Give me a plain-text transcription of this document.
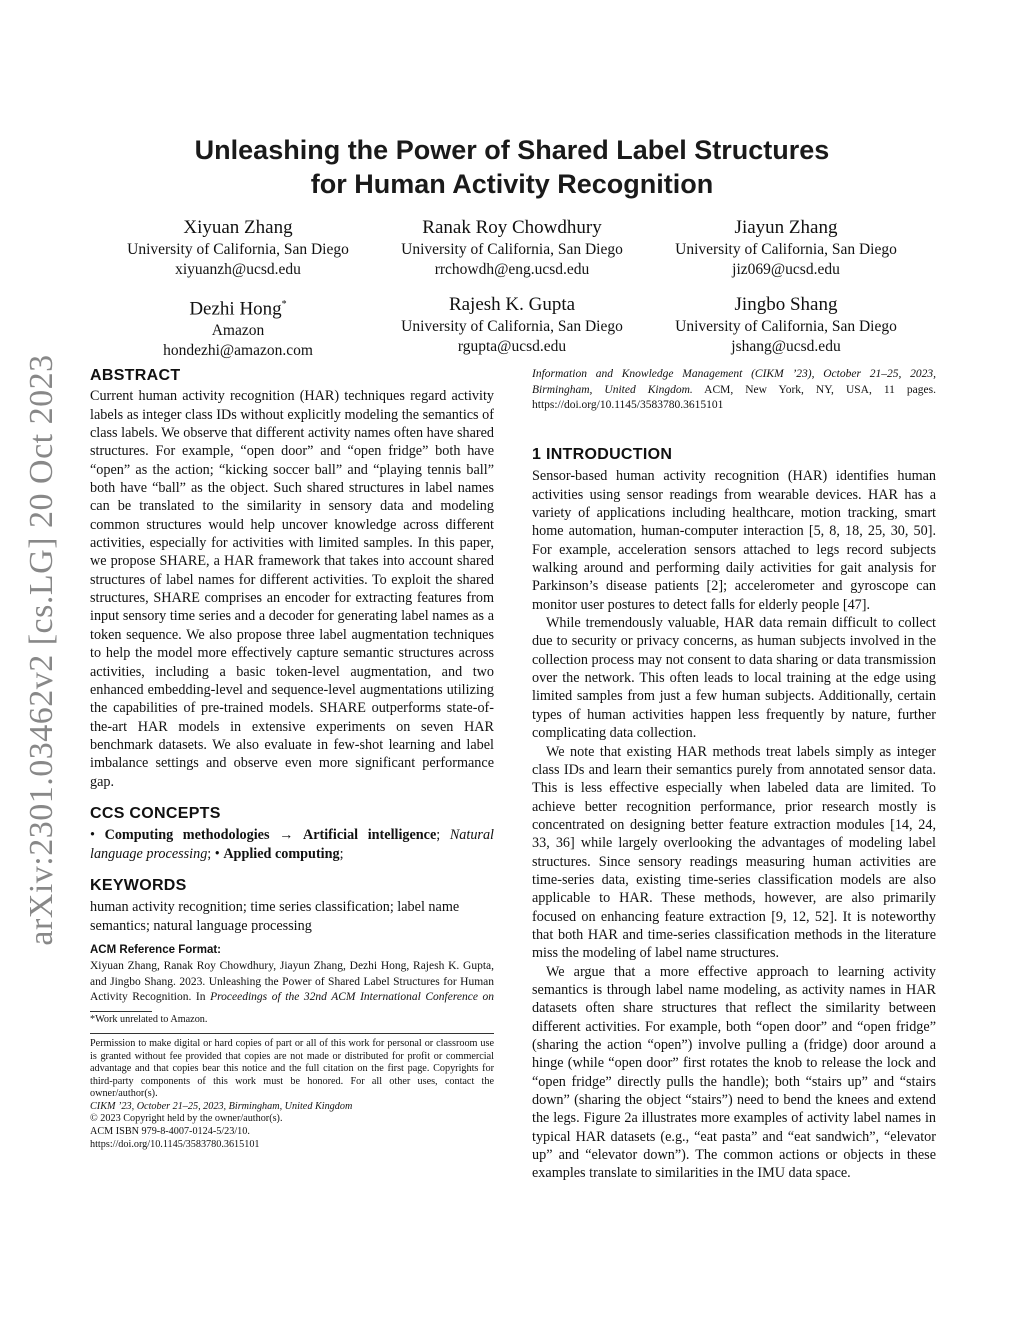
arXiv:2301.03462v2 [cs.LG] 20 Oct 2023
Unleashing the Power of Shared Label Structures
for Human Activity Recognition
Xiyuan Zhang
University of California, San Diego
xiyuanzh@ucsd.edu
Ranak Roy Chowdhury
University of California, San Diego
rrchowdh@eng.ucsd.edu
Jiayun Zhang
University of California, San Diego
jiz069@ucsd.edu
Dezhi Hong*
Amazon
hondezhi@amazon.com
Rajesh K. Gupta
University of California, San Diego
rgupta@ucsd.edu
Jingbo Shang
University of California, San Diego
jshang@ucsd.edu
ABSTRACT

Current human activity recognition (HAR) techniques regard activity labels as integer class IDs without explicitly modeling the semantics of class labels. We observe that different activity names often have shared structures. For example, “open door” and “open fridge” both have “open” as the action; “kicking soccer ball” and “playing tennis ball” both have “ball” as the object. Such shared structures in label names can be translated to the similarity in sensory data and modeling common structures would help uncover knowledge across different activities, especially for activities with limited samples. In this paper, we propose SHARE, a HAR framework that takes into account shared structures of label names for different activities. To exploit the shared structures, SHARE comprises an encoder for extracting features from input sensory time series and a decoder for generating label names as a token sequence. We also propose three label augmentation techniques to help the model more effectively capture semantic structures across activities, including a basic token-level augmentation, and two enhanced embedding-level and sequence-level augmentations utilizing the capabilities of pre-trained models. SHARE outperforms state-of-the-art HAR models in extensive experiments on seven HAR benchmark datasets. We also evaluate in few-shot learning and label imbalance settings and observe even more significant performance gap.

CCS CONCEPTS

• Computing methodologies → Artificial intelligence; Natural language processing; • Applied computing;

KEYWORDS

human activity recognition; time series classification; label name semantics; natural language processing

ACM Reference Format:

Xiyuan Zhang, Ranak Roy Chowdhury, Jiayun Zhang, Dezhi Hong, Rajesh K. Gupta, and Jingbo Shang. 2023. Unleashing the Power of Shared Label Structures for Human Activity Recognition. In Proceedings of the 32nd ACM International Conference on

*Work unrelated to Amazon.

Permission to make digital or hard copies of part or all of this work for personal or classroom use is granted without fee provided that copies are not made or distributed for profit or commercial advantage and that copies bear this notice and the full citation on the first page. Copyrights for third-party components of this work must be honored. For all other uses, contact the owner/author(s).

CIKM ’23, October 21–25, 2023, Birmingham, United Kingdom

© 2023 Copyright held by the owner/author(s).

ACM ISBN 979-8-4007-0124-5/23/10.

https://doi.org/10.1145/3583780.3615101

Information and Knowledge Management (CIKM ’23), October 21–25, 2023, Birmingham, United Kingdom. ACM, New York, NY, USA, 11 pages. https://doi.org/10.1145/3583780.3615101

1 INTRODUCTION

Sensor-based human activity recognition (HAR) identifies human activities using sensor readings from wearable devices. HAR has a variety of applications including healthcare, motion tracking, smart home automation, human-computer interaction [5, 8, 18, 25, 30, 50]. For example, acceleration sensors attached to legs record subjects walking around and performing daily activities for gait analysis for Parkinson’s disease patients [2]; accelerometer and gyroscope can monitor user postures to detect falls for elderly people [47].

While tremendously valuable, HAR data remain difficult to collect due to security or privacy concerns, as human subjects involved in the collection process may not consent to data sharing or data transmission over the network. This often leads to local training at the edge using limited samples from just a few human subjects. Additionally, certain types of human activities happen less frequently by nature, further complicating data collection.

We note that existing HAR methods treat labels simply as integer class IDs and learn their semantics purely from annotated sensor data. This is less effective especially when labeled data are limited. To achieve better recognition performance, prior research mostly is concentrated on designing better feature extraction modules [14, 24, 33, 36] while largely overlooking the advantages of modeling label structures. Since sensory readings measuring human activities are time-series data, existing time-series classification models are also applicable to HAR. These methods, however, are also primarily focused on enhancing feature extraction [9, 12, 52]. It is noteworthy that both HAR and time-series classification methods in the literature miss the modeling of label name structures.

We argue that a more effective approach to learning activity semantics is through label name modeling, as activity names in HAR datasets often share structures that reflect the similarity between different activities. For example, both “open door” and “open fridge” (sharing the action “open”) involve pulling a (fridge) door around a hinge (while “open door” first rotates the knob to release the lock and “open fridge” directly pulls the handle); both “stairs up” and “stairs down” (sharing the object “stairs”) need to bend the knees and extend the legs. Figure 2a illustrates more examples of activity label names in typical HAR datasets (e.g., “eat pasta” and “eat sandwich”, “elevator up” and “elevator down”). The common actions or objects in these examples translate to similarities in the IMU data space.
